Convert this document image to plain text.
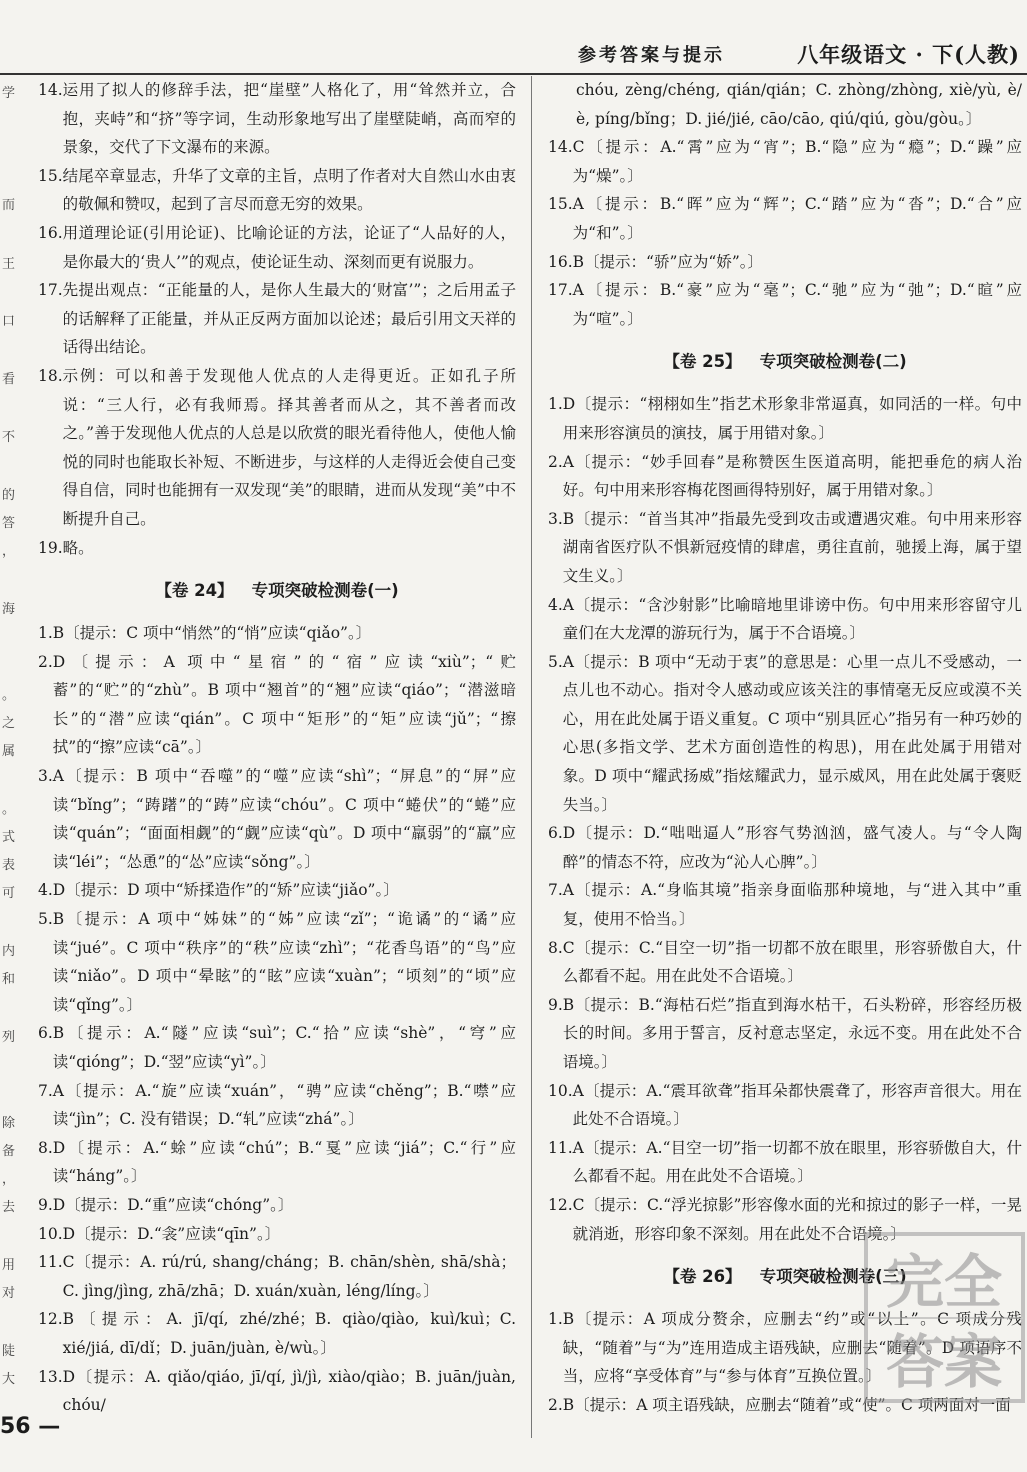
参考答案与提示	八年级语文 · 下(人教)
学
而
王
口
看
不
的
答
，
海
。
之
属
。
式
表
可
内
和
列
除
备
，
去
用
对
陡
大
14. 运用了拟人的修辞手法，把“崖壁”人格化了，用“耸然并立，合抱，夹峙”和“挤”等字词，生动形象地写出了崖壁陡峭，高而窄的景象，交代了下文瀑布的来源。
15. 结尾卒章显志，升华了文章的主旨，点明了作者对大自然山水由衷的敬佩和赞叹，起到了言尽而意无穷的效果。
16. 用道理论证(引用论证)、比喻论证的方法，论证了“人品好的人，是你最大的‘贵人’”的观点，使论证生动、深刻而更有说服力。
17. 先提出观点：“正能量的人，是你人生最大的‘财富’”；之后用孟子的话解释了正能量，并从正反两方面加以论述；最后引用文天祥的话得出结论。
18. 示例：可以和善于发现他人优点的人走得更近。正如孔子所说：“三人行，必有我师焉。择其善者而从之，其不善者而改之。”善于发现他人优点的人总是以欣赏的眼光看待他人，使他人愉悦的同时也能取长补短、不断进步，与这样的人走得近会使自己变得自信，同时也能拥有一双发现“美”的眼睛，进而从发现“美”中不断提升自己。
19. 略。
【卷 24】 专项突破检测卷(一)
1. B〔提示：C 项中“悄然”的“悄”应读“qiǎo”。〕
2. D〔提示：A 项中“星宿”的“宿”应读“xiù”；“贮蓄”的“贮”的“zhù”。B 项中“翘首”的“翘”应读“qiáo”；“潜滋暗长”的“潜”应读“qián”。C 项中“矩形”的“矩”应读“jǔ”；“擦拭”的“擦”应读“cā”。〕
3. A〔提示：B 项中“吞噬”的“噬”应读“shì”；“屏息”的“屏”应读“bǐng”；“踌躇”的“踌”应读“chóu”。C 项中“蜷伏”的“蜷”应读“quán”；“面面相觑”的“觑”应读“qù”。D 项中“羸弱”的“羸”应读“léi”；“怂恿”的“怂”应读“sǒng”。〕
4. D〔提示：D 项中“矫揉造作”的“矫”应读“jiǎo”。〕
5. B〔提示：A 项中“姊妹”的“姊”应读“zǐ”；“诡谲”的“谲”应读“jué”。C 项中“秩序”的“秩”应读“zhì”；“花香鸟语”的“鸟”应读“niǎo”。D 项中“晕眩”的“眩”应读“xuàn”；“顷刻”的“顷”应读“qǐng”。〕
6. B〔提示：A.“隧”应读“suì”；C.“拾”应读“shè”，“穹”应读“qióng”；D.“翌”应读“yì”。〕
7. A〔提示：A.“旋”应读“xuán”，“骋”应读“chěng”；B.“噤”应读“jìn”；C. 没有错误；D.“轧”应读“zhá”。〕
8. D〔提示：A.“蜍”应读“chú”；B.“戛”应读“jiá”；C.“行”应读“háng”。〕
9. D〔提示：D.“重”应读“chóng”。〕
10. D〔提示：D.“衾”应读“qīn”。〕
11. C〔提示：A. rú/rú, shang/cháng；B. chān/shèn, shā/shà；C. jìng/jìng, zhā/zhā；D. xuán/xuàn, léng/líng。〕
12. B〔提示：A. jī/qí, zhé/zhé；B. qiào/qiào, kuì/kuì；C. xié/jiá, dī/dǐ；D. juān/juàn, è/wù。〕
13. D〔提示：A. qiǎo/qiáo, jī/qí, jì/jì, xiào/qiào；B. juān/juàn, chóu/
chóu, zèng/chéng, qián/qián；C. zhòng/zhòng, xiè/yù, è/è, píng/bǐng；D. jié/jié, cāo/cāo, qiú/qiú, gòu/gòu。〕
14. C〔提示：A.“霄”应为“宵”；B.“隐”应为“瘾”；D.“躁”应为“燥”。〕
15. A〔提示：B.“晖”应为“辉”；C.“踏”应为“沓”；D.“合”应为“和”。〕
16. B〔提示：“骄”应为“娇”。〕
17. A〔提示：B.“豪”应为“毫”；C.“驰”应为“弛”；D.“暄”应为“喧”。〕
【卷 25】 专项突破检测卷(二)
1. D〔提示：“栩栩如生”指艺术形象非常逼真，如同活的一样。句中用来形容演员的演技，属于用错对象。〕
2. A〔提示：“妙手回春”是称赞医生医道高明，能把垂危的病人治好。句中用来形容梅花图画得特别好，属于用错对象。〕
3. B〔提示：“首当其冲”指最先受到攻击或遭遇灾难。句中用来形容湖南省医疗队不惧新冠疫情的肆虐，勇往直前，驰援上海，属于望文生义。〕
4. A〔提示：“含沙射影”比喻暗地里诽谤中伤。句中用来形容留守儿童们在大龙潭的游玩行为，属于不合语境。〕
5. A〔提示：B 项中“无动于衷”的意思是：心里一点儿不受感动，一点儿也不动心。指对令人感动或应该关注的事情毫无反应或漠不关心，用在此处属于语义重复。C 项中“别具匠心”指另有一种巧妙的心思(多指文学、艺术方面创造性的构思)，用在此处属于用错对象。D 项中“耀武扬威”指炫耀武力，显示威风，用在此处属于褒贬失当。〕
6. D〔提示：D.“咄咄逼人”形容气势汹汹，盛气凌人。与“令人陶醉”的情态不符，应改为“沁人心脾”。〕
7. A〔提示：A.“身临其境”指亲身面临那种境地，与“进入其中”重复，使用不恰当。〕
8. C〔提示：C.“目空一切”指一切都不放在眼里，形容骄傲自大，什么都看不起。用在此处不合语境。〕
9. B〔提示：B.“海枯石烂”指直到海水枯干，石头粉碎，形容经历极长的时间。多用于誓言，反衬意志坚定，永远不变。用在此处不合语境。〕
10. A〔提示：A.“震耳欲聋”指耳朵都快震聋了，形容声音很大。用在此处不合语境。〕
11. A〔提示：A.“目空一切”指一切都不放在眼里，形容骄傲自大，什么都看不起。用在此处不合语境。〕
12. C〔提示：C.“浮光掠影”形容像水面的光和掠过的影子一样，一晃就消逝，形容印象不深刻。用在此处不合语境。〕
【卷 26】 专项突破检测卷(三)
1. B〔提示：A 项成分赘余，应删去“约”或“以上”。C 项成分残缺，“随着”与“为”连用造成主语残缺，应删去“随着”。D 项语序不当，应将“享受体育”与“参与体育”互换位置。〕
2. B〔提示：A 项主语残缺，应删去“随着”或“使”。C 项两面对一面
56 —
完全答案
